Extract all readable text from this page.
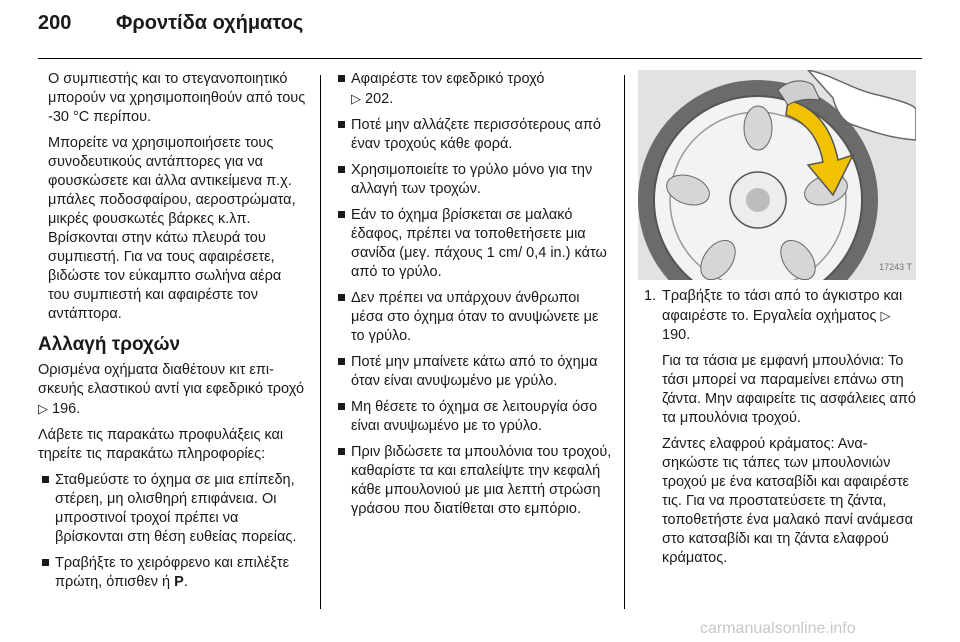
200 Φροντίδα οχήματος

Ο συμπιεστής και το στεγανοποιητικό μπορούν να χρησιμοποιηθούν από τους -30 °C περίπου.

Μπορείτε να χρησιμοποιήσετε τους συνοδευτικούς αντάπτορες για να φουσκώσετε και άλλα αντικείμενα π.χ. μπάλες ποδοσφαίρου, αεροστρώματα, μικρές φουσκωτές βάρκες κ.λπ. Βρίσκονται στην κάτω πλευρά του συμπιεστή. Για να τους αφαιρέσετε, βιδώστε τον εύκαμπτο σωλήνα αέρα του συμπιεστή και αφαιρέστε τον αντάπτορα.

Αλλαγή τροχών

Ορισμένα οχήματα διαθέτουν κιτ επισκευής ελαστικού αντί για εφεδρικό τροχό ▷ 196.

Λάβετε τις παρακάτω προφυλάξεις και τηρείτε τις παρακάτω πληροφορίες:

Σταθμεύστε το όχημα σε μια επίπεδη, στέρεη, μη ολισθηρή επιφάνεια. Οι μπροστινοί τροχοί πρέπει να βρίσκονται στη θέση ευθείας πορείας.
Τραβήξτε το χειρόφρενο και επιλέξτε πρώτη, όπισθεν ή P.
Αφαιρέστε τον εφεδρικό τροχό
▷ 202.
Ποτέ μην αλλάζετε περισσότερους από έναν τροχούς κάθε φορά.
Χρησιμοποιείτε το γρύλο μόνο για την αλλαγή των τροχών.
Εάν το όχημα βρίσκεται σε μαλακό έδαφος, πρέπει να τοποθετήσετε μια σανίδα (μεγ. πάχους 1 cm/ 0,4 in.) κάτω από το γρύλο.
Δεν πρέπει να υπάρχουν άνθρωποι μέσα στο όχημα όταν το ανυψώνετε με το γρύλο.
Ποτέ μην μπαίνετε κάτω από το όχημα όταν είναι ανυψωμένο με γρύλο.
Μη θέσετε το όχημα σε λειτουργία όσο είναι ανυψωμένο με το γρύλο.
Πριν βιδώσετε τα μπουλόνια του τροχού, καθαρίστε τα και επαλείψτε την κεφαλή κάθε μπουλονιού με μια λεπτή στρώση γράσου που διατίθεται στο εμπόριο.
17243 T
1. Τραβήξτε το τάσι από το άγκιστρο και αφαιρέστε το. Εργαλεία οχήματος ▷ 190.

Για τα τάσια με εμφανή μπουλόνια: Το τάσι μπορεί να παραμείνει επάνω στη ζάντα. Μην αφαιρείτε τις ασφάλειες από τα μπουλόνια τροχού.

Ζάντες ελαφρού κράματος: Ανασηκώστε τις τάπες των μπουλονιών τροχού με ένα κατσαβίδι και αφαιρέστε τις. Για να προστατεύσετε τη ζάντα, τοποθετήστε ένα μαλακό πανί ανάμεσα στο κατσαβίδι και τη ζάντα ελαφρού κράματος.

carmanualsonline.info
